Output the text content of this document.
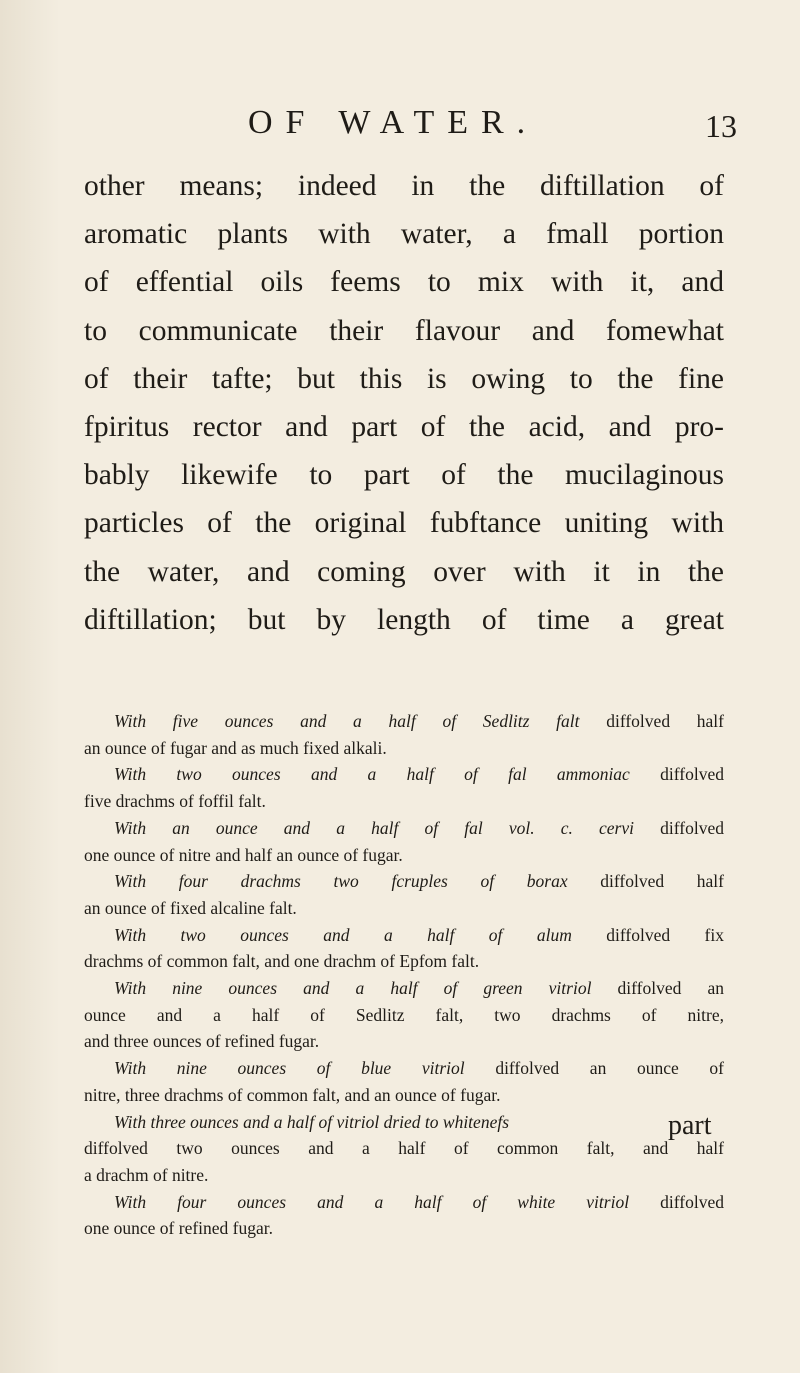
OF WATER.	13
other means; indeed in the diftillation of
aromatic plants with water, a fmall portion
of effential oils feems to mix with it, and
to communicate their flavour and fomewhat
of their tafte; but this is owing to the fine
fpiritus rector and part of the acid, and pro-
bably likewife to part of the mucilaginous
particles of the original fubftance uniting with
the water, and coming over with it in the
diftillation; but by length of time a great
With five ounces and a half of Sedlitz falt diffolved half
an ounce of fugar and as much fixed alkali.
With two ounces and a half of fal ammoniac diffolved
five drachms of foffil falt.
With an ounce and a half of fal vol. c. cervi diffolved
one ounce of nitre and half an ounce of fugar.
With four drachms two fcruples of borax diffolved half
an ounce of fixed alcaline falt.
With two ounces and a half of alum diffolved fix
drachms of common falt, and one drachm of Epfom falt.
With nine ounces and a half of green vitriol diffolved an
ounce and a half of Sedlitz falt, two drachms of nitre,
and three ounces of refined fugar.
With nine ounces of blue vitriol diffolved an ounce of
nitre, three drachms of common falt, and an ounce of fugar.
With three ounces and a half of vitriol dried to whitenefs
diffolved two ounces and a half of common falt, and half
a drachm of nitre.
With four ounces and a half of white vitriol diffolved
one ounce of refined fugar.
part
